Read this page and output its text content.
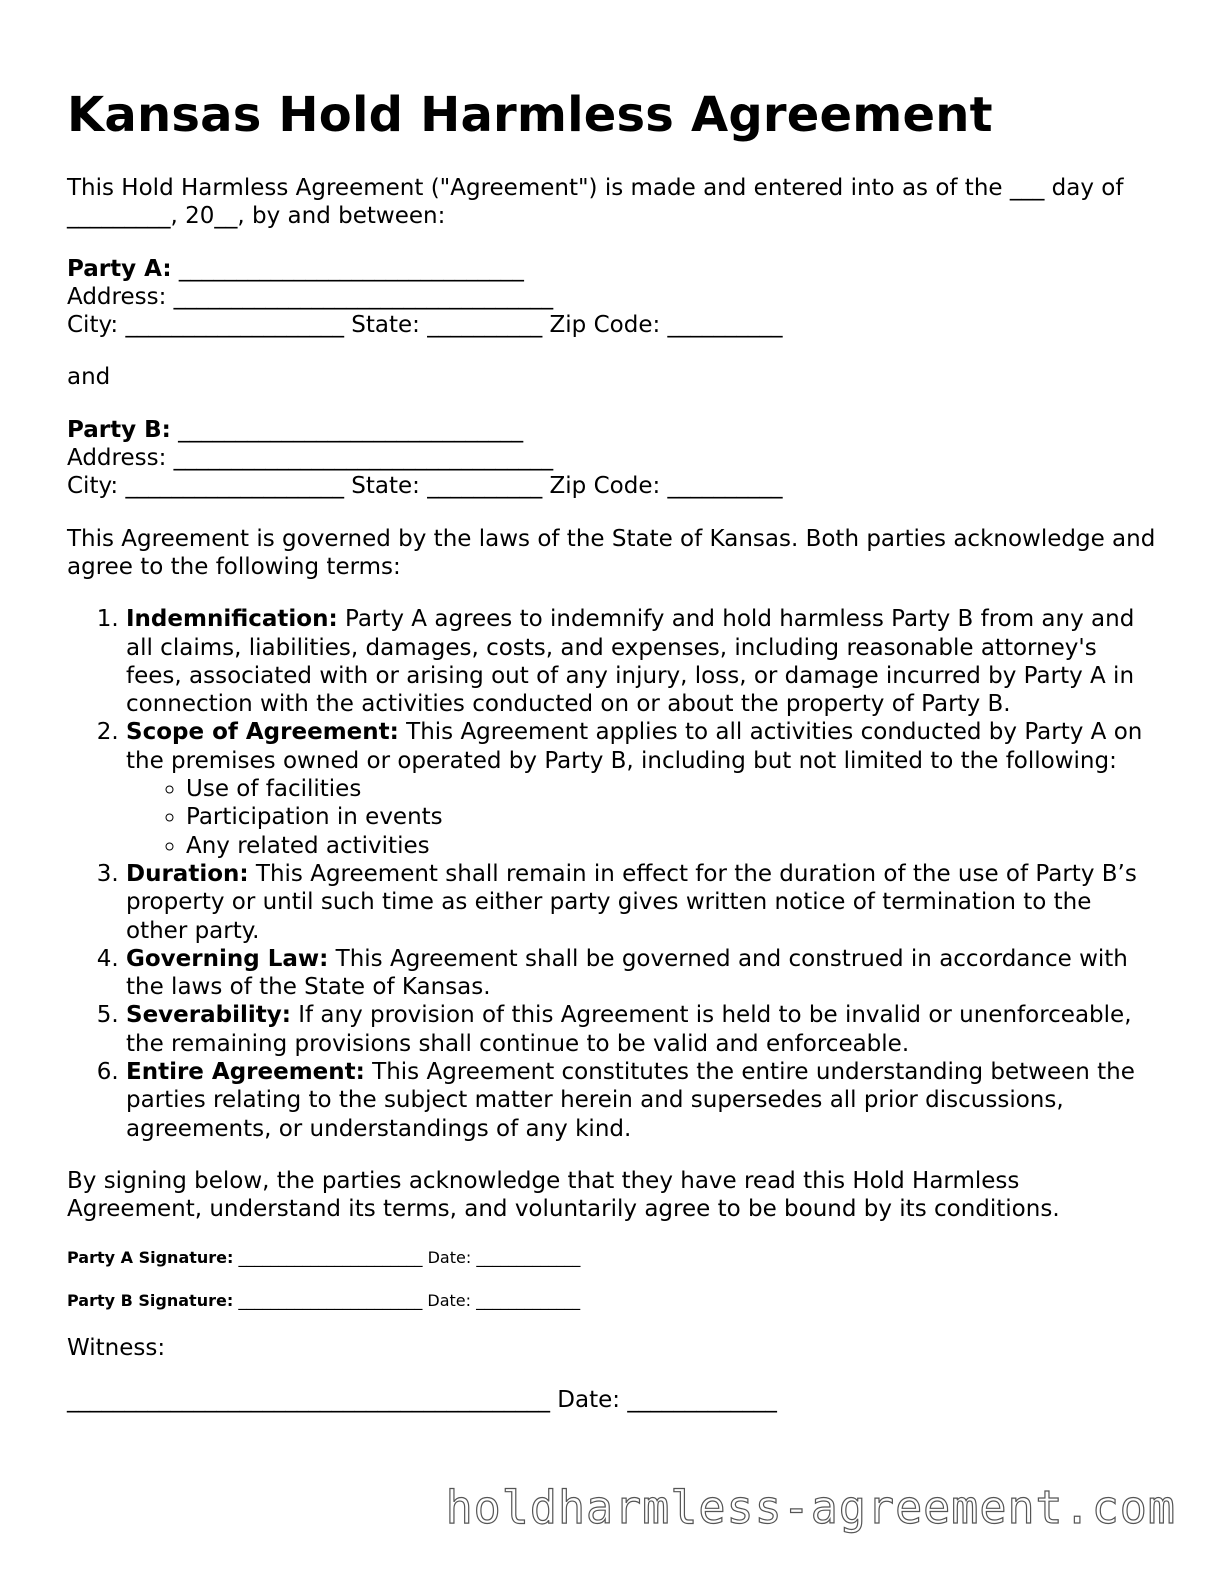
Kansas Hold Harmless Agreement

This Hold Harmless Agreement ("Agreement") is made and entered into as of the ___ day of _________, 20__, by and between:

Party A: ______________________________
Address: _________________________________
City: ___________________ State: __________ Zip Code: __________

and

Party B: ______________________________
Address: _________________________________
City: ___________________ State: __________ Zip Code: __________

This Agreement is governed by the laws of the State of Kansas. Both parties acknowledge and agree to the following terms:

1. Indemnification: Party A agrees to indemnify and hold harmless Party B from any and all claims, liabilities, damages, costs, and expenses, including reasonable attorney's fees, associated with or arising out of any injury, loss, or damage incurred by Party A in connection with the activities conducted on or about the property of Party B.
2. Scope of Agreement: This Agreement applies to all activities conducted by Party A on the premises owned or operated by Party B, including but not limited to the following:
◦ Use of facilities
◦ Participation in events
◦ Any related activities
3. Duration: This Agreement shall remain in effect for the duration of the use of Party B’s property or until such time as either party gives written notice of termination to the other party.
4. Governing Law: This Agreement shall be governed and construed in accordance with the laws of the State of Kansas.
5. Severability: If any provision of this Agreement is held to be invalid or unenforceable, the remaining provisions shall continue to be valid and enforceable.
6. Entire Agreement: This Agreement constitutes the entire understanding between the parties relating to the subject matter herein and supersedes all prior discussions, agreements, or understandings of any kind.

By signing below, the parties acknowledge that they have read this Hold Harmless Agreement, understand its terms, and voluntarily agree to be bound by its conditions.

Party A Signature: _______________________ Date: _____________
Party B Signature: _______________________ Date: _____________

Witness:

__________________________________________ Date: _____________
holdharmless-agreement.com
